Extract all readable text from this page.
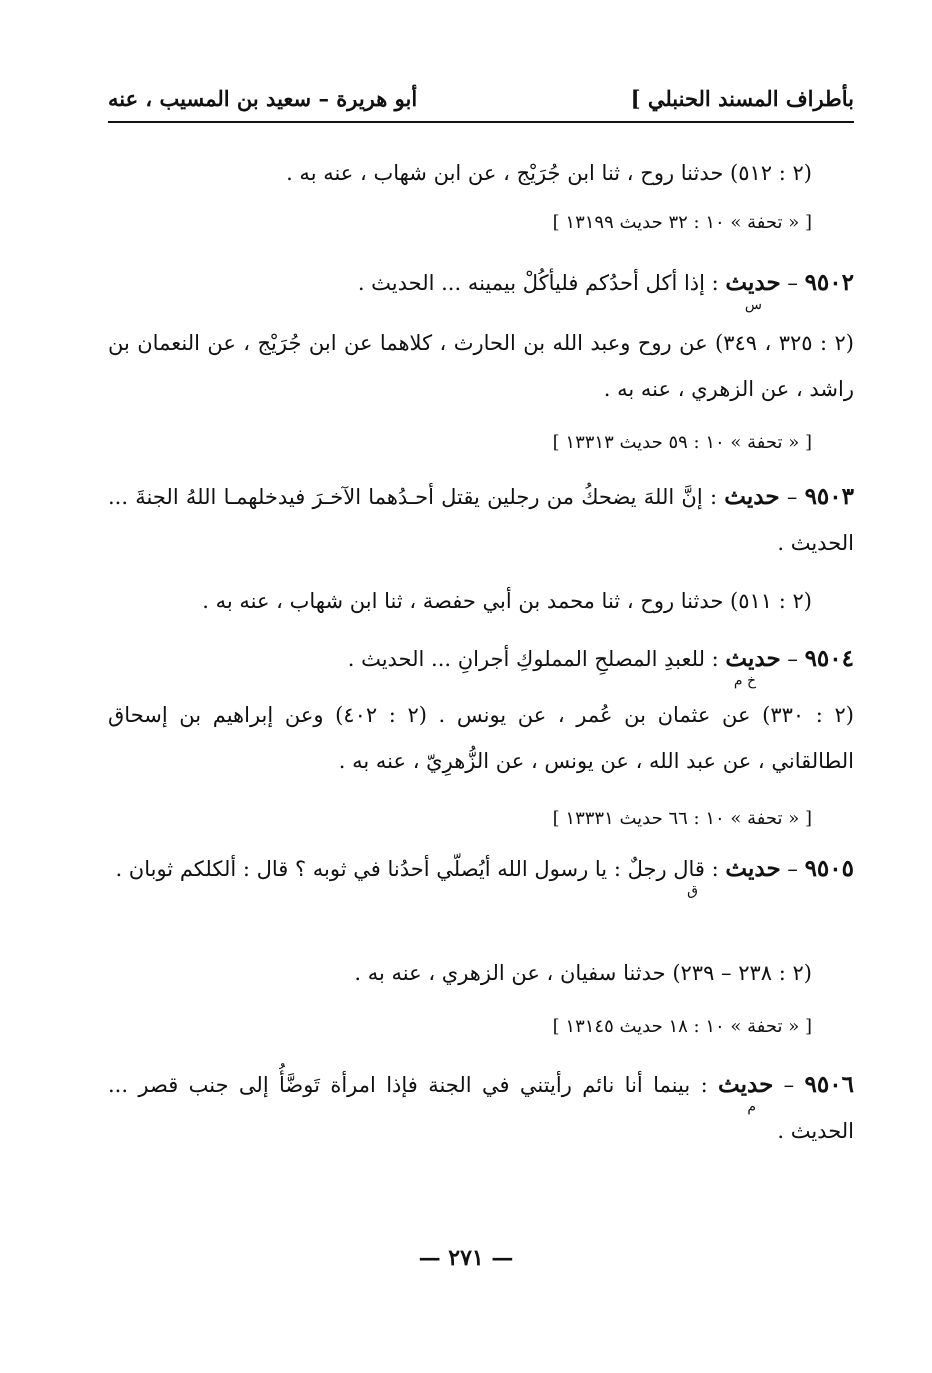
بأطراف المسند الحنبلي ]
أبو هريرة – سعيد بن المسيب ، عنه
(٢ : ٥١٢) حدثنا روح ، ثنا ابن جُرَيْج ، عن ابن شهاب ، عنه به .
[ « تحفة » ١٠ : ٣٢ حديث ١٣١٩٩ ]
٩٥٠٢ – حديث : إذا أكل أحدُكم فليأكُلْ بيمينه ... الحديث .
س
(٢ : ٣٢٥ ، ٣٤٩) عن روح وعبد الله بن الحارث ، كلاهما عن ابن جُرَيْج ، عن النعمان بن راشد ، عن الزهري ، عنه به .
[ « تحفة » ١٠ : ٥٩ حديث ١٣٣١٣ ]
٩٥٠٣ – حديث : إنَّ اللهَ يضحكُ من رجلين يقتل أحـدُهما الآخـرَ فيدخلهمـا اللهُ الجنةَ ... الحديث .
(٢ : ٥١١) حدثنا روح ، ثنا محمد بن أبي حفصة ، ثنا ابن شهاب ، عنه به .
٩٥٠٤ – حديث : للعبدِ المصلحِ المملوكِ أجرانِ ... الحديث .
خ م
(٢ : ٣٣٠) عن عثمان بن عُمر ، عن يونس . (٢ : ٤٠٢) وعن إبراهيم بن إسحاق الطالقاني ، عن عبد الله ، عن يونس ، عن الزُّهرِيّ ، عنه به .
[ « تحفة » ١٠ : ٦٦ حديث ١٣٣٣١ ]
٩٥٠٥ – حديث : قال رجلٌ : يا رسول الله أيُصلّي أحدُنا في ثوبه ؟ قال : ألكلكم ثوبان .
ق
(٢ : ٢٣٨ – ٢٣٩) حدثنا سفيان ، عن الزهري ، عنه به .
[ « تحفة » ١٠ : ١٨ حديث ١٣١٤٥ ]
٩٥٠٦ – حديث : بينما أنا نائم رأيتني في الجنة فإذا امرأة تَوضَّأُ إلى جنب قصر ... الحديث .
م
— ٢٧١ —
